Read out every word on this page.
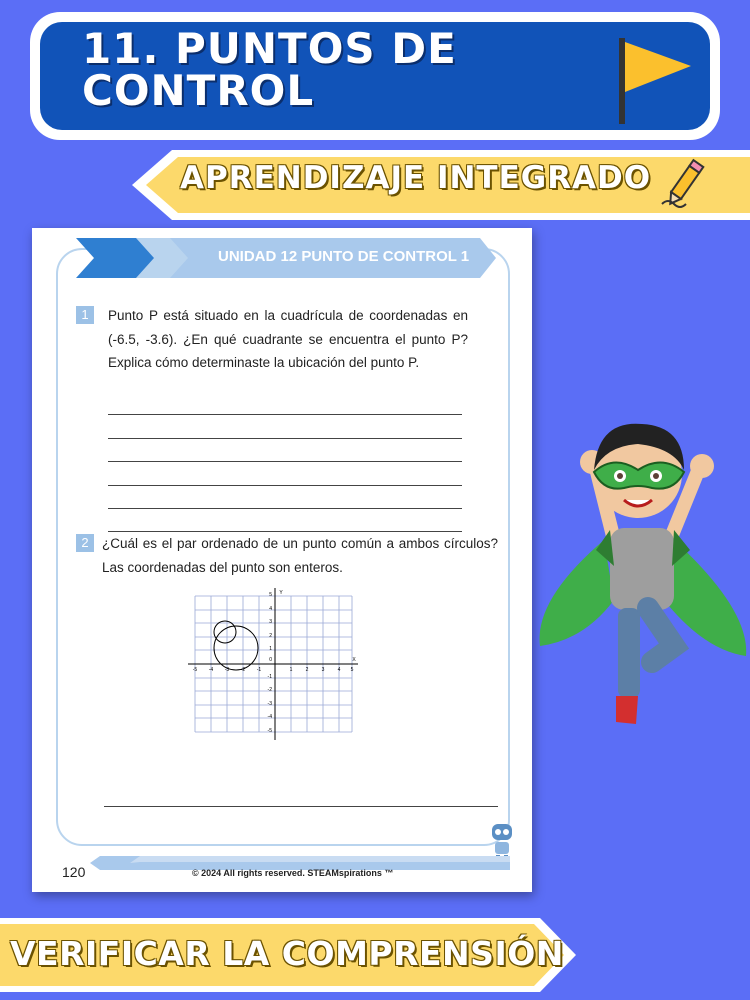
11. PUNTOS DE
CONTROL
APRENDIZAJE INTEGRADO
UNIDAD 12 PUNTO DE CONTROL 1
1	Punto P está situado en la cuadrícula de coordenadas en (-6.5, -3.6). ¿En qué cuadrante se encuentra el punto P? Explica cómo determinaste la ubicación del punto P.
2 ¿Cuál es el par ordenado de un punto común a ambos círculos? Las coordenadas del punto son enteros.
5
4
3
2
1
-1
-2
-3
-4
-5
-5 -4 -3 -2 -1
0
1	2	3	4 5
X
Y
120	© 2024 All rights reserved. STEAMspirations ™
VERIFICAR LA COMPRENSIÓN
